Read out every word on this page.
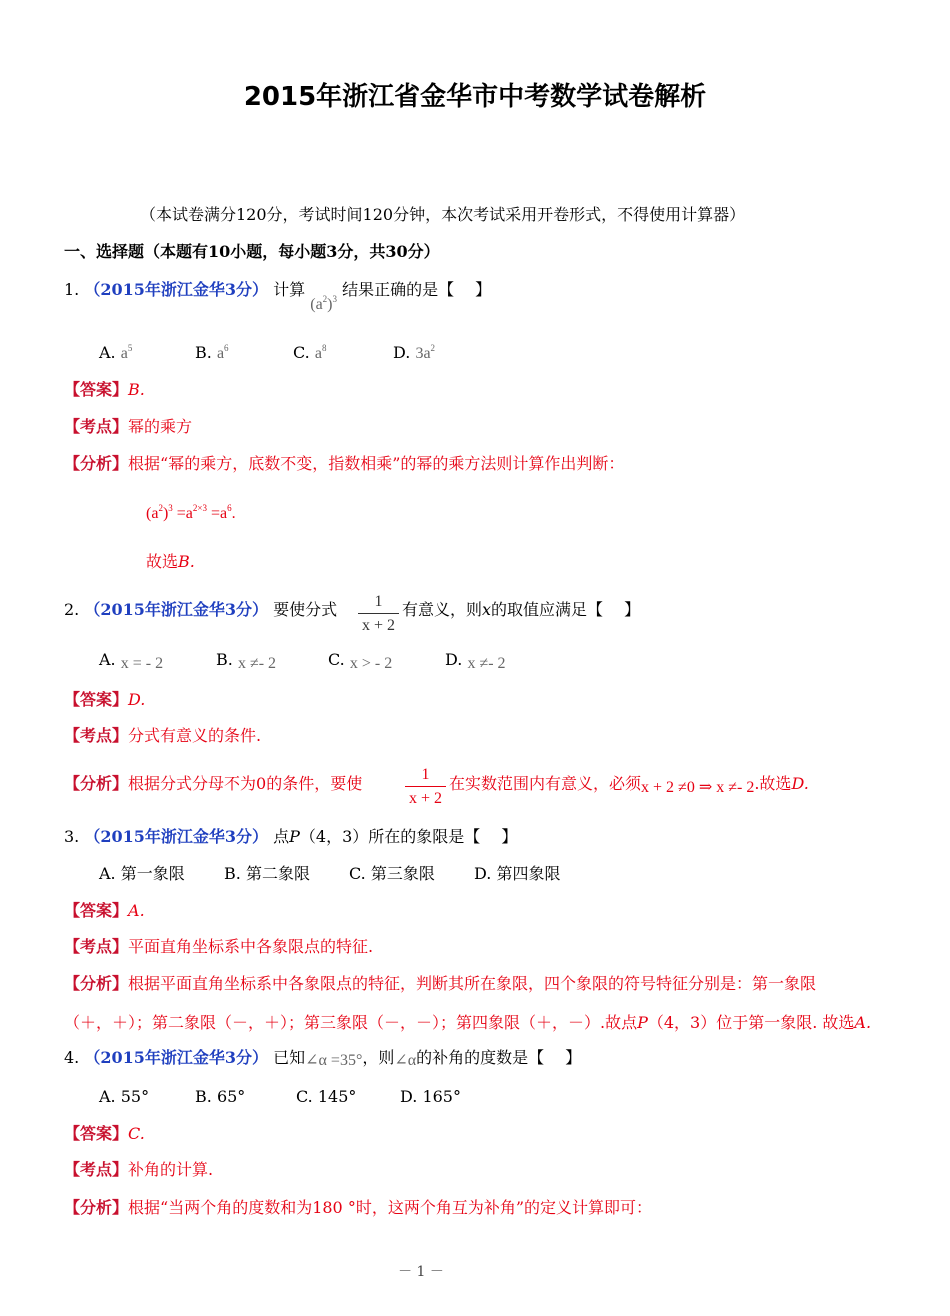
2015年浙江省金华市中考数学试卷解析
（本试卷满分120分，考试时间120分钟，本次考试采用开卷形式，不得使用计算器）
一、选择题（本题有10小题，每小题3分，共30分）
1. （2015年浙江金华3分） 计算 $(a^2)^3$ 结果正确的是【　 】
A. $a^5$	B. $a^6$	C. $a^8$	D. $3a^2$
【答案】B.
【考点】幂的乘方
【分析】根据“幂的乘方，底数不变，指数相乘”的幂的乘方法则计算作出判断：
$(a^2)^3 =a^{2\times 3} =a^6$.
故选B.
2. （2015年浙江金华3分） 要使分式 $\frac{1}{x + 2}$ 有意义，则x的取值应满足【　 】
A. x = - 2	B. x ≠- 2	C. x > - 2	D. x ≠- 2
【答案】D.
【考点】分式有意义的条件.
【分析】根据分式分母不为0的条件，要使	$\frac{1}{x + 2}$ 在实数范围内有意义，必须x + 2 ≠0 ⇒ x ≠- 2.故选D.
3. （2015年浙江金华3分） 点P（4，3）所在的象限是【　 】
A. 第一象限 B. 第二象限 C. 第三象限 D. 第四象限
【答案】A.
【考点】平面直角坐标系中各象限点的特征.
【分析】根据平面直角坐标系中各象限点的特征，判断其所在象限，四个象限的符号特征分别是：第一象限
（＋，＋）；第二象限（－，＋）；第三象限（－，－）；第四象限（＋，－）.故点P（4，3）位于第一象限. 故选A.
4. （2015年浙江金华3分） 已知∠α =35°，则∠α的补角的度数是【　 】
A. 55°	B. 65°	C. 145°	D. 165°
【答案】C.
【考点】补角的计算.
【分析】根据“当两个角的度数和为180 °时，这两个角互为补角”的定义计算即可：
－ 1 －
